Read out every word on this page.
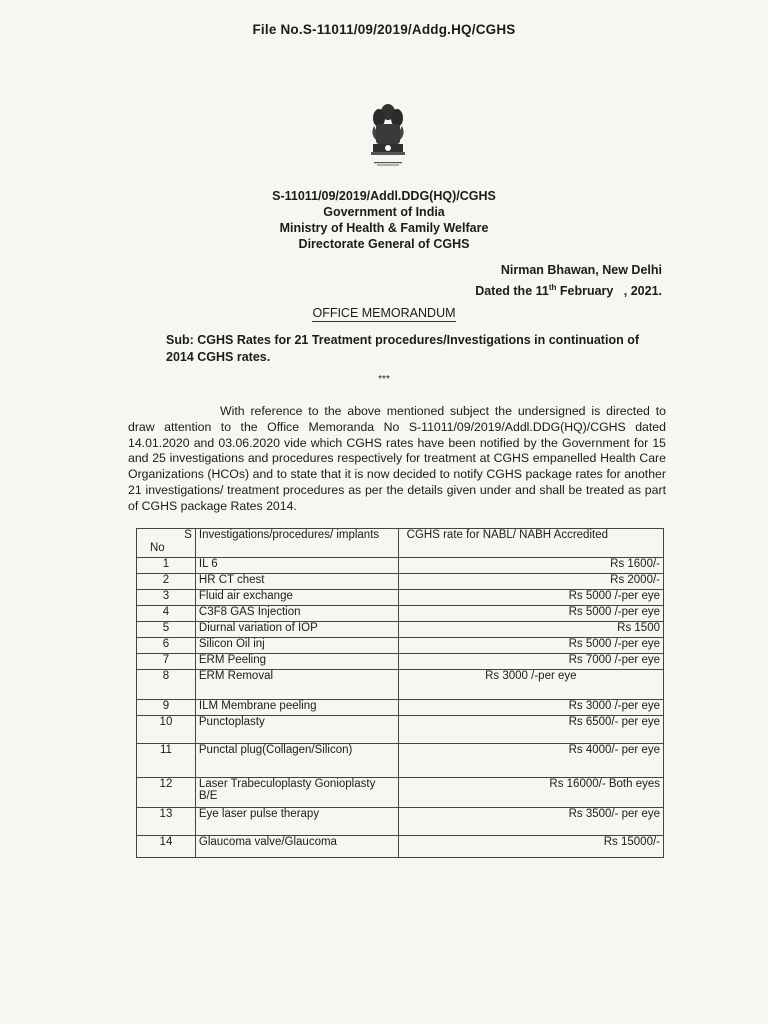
File No.S-11011/09/2019/Addg.HQ/CGHS
S-11011/09/2019/Addl.DDG(HQ)/CGHS
Government of India
Ministry of Health & Family Welfare
Directorate General of CGHS
Nirman Bhawan, New Delhi
Dated the 11th February   , 2021.
OFFICE MEMORANDUM
Sub: CGHS Rates for 21 Treatment procedures/Investigations in continuation of 2014 CGHS rates.
***
With reference to the above mentioned subject the undersigned is directed to draw attention to the Office Memoranda No S-11011/09/2019/Addl.DDG(HQ)/CGHS dated 14.01.2020 and 03.06.2020 vide which CGHS rates have been notified by the Government for 15 and 25 investigations and procedures respectively for treatment at CGHS empanelled Health Care Organizations (HCOs) and to state that it is now decided to notify CGHS package rates for another 21 investigations/ treatment procedures as per the details given under and shall be treated as part of CGHS package Rates 2014.
S
No	Investigations/procedures/ implants	CGHS rate for NABL/ NABH Accredited
1	IL 6	Rs 1600/-
2	HR CT chest	Rs 2000/-
3	Fluid air exchange	Rs 5000 /-per eye
4	C3F8 GAS Injection	Rs 5000 /-per eye
5	Diurnal variation of IOP	Rs 1500
6	Silicon Oil inj	Rs 5000 /-per eye
7	ERM Peeling	Rs 7000 /-per eye
8	ERM Removal	Rs 3000 /-per eye
9	ILM Membrane peeling	Rs 3000 /-per eye
10	Punctoplasty	Rs 6500/- per eye
11	Punctal plug(Collagen/Silicon)	Rs 4000/- per eye
12	Laser Trabeculoplasty Gonioplasty B/E	Rs 16000/- Both eyes
13	Eye laser pulse therapy	Rs 3500/- per eye
14	Glaucoma valve/Glaucoma	Rs 15000/-
